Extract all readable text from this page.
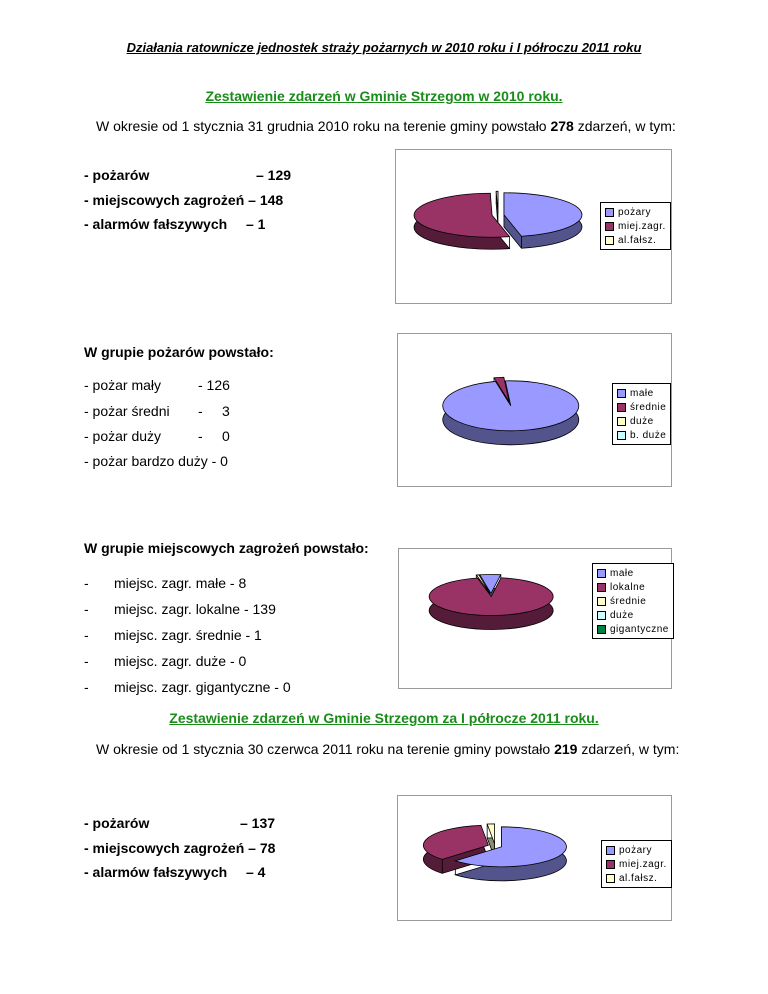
Działania ratownicze jednostek straży pożarnych w 2010 roku i I półroczu 2011 roku
Zestawienie zdarzeń w Gminie Strzegom w 2010 roku.
W okresie od 1 stycznia 31 grudnia 2010 roku na terenie gminy powstało 278 zdarzeń, w tym:
- pożarów	– 129
- miejscowych zagrożeń – 148
- alarmów fałszywych – 1
pożary
miej.zagr.
al.fałsz.
W grupie pożarów powstało:
- pożar mały	- 126
- pożar średni - 3
- pożar duży	- 0
- pożar bardzo duży - 0
małe
średnie
duże
b. duże
W grupie miejscowych zagrożeń powstało:
- miejsc. zagr. małe - 8
- miejsc. zagr. lokalne - 139
- miejsc. zagr. średnie - 1
- miejsc. zagr. duże - 0
- miejsc. zagr. gigantyczne - 0
małe
lokalne
średnie
duże
gigantyczne
Zestawienie zdarzeń w Gminie Strzegom za I półrocze 2011 roku.
W okresie od 1 stycznia 30 czerwca 2011 roku na terenie gminy powstało 219 zdarzeń, w tym:
- pożarów	– 137
- miejscowych zagrożeń – 78
- alarmów fałszywych – 4
pożary
miej.zagr.
al.fałsz.
